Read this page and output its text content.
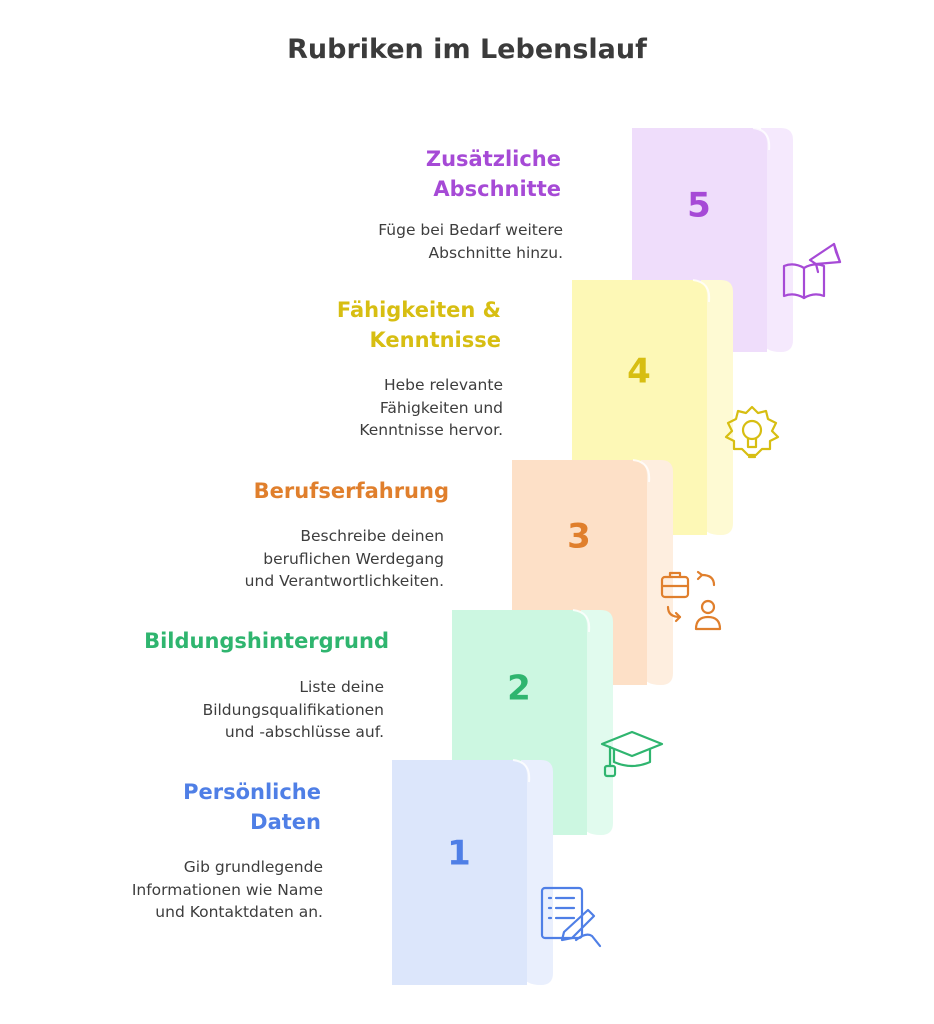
Rubriken im Lebenslauf
5
4
3
2
1
Zusätzliche
Abschnitte
Füge bei Bedarf weitere
Abschnitte hinzu.
Fähigkeiten &
Kenntnisse
Hebe relevante
Fähigkeiten und
Kenntnisse hervor.
Berufserfahrung
Beschreibe deinen
beruflichen Werdegang
und Verantwortlichkeiten.
Bildungshintergrund
Liste deine
Bildungsqualifikationen
und -abschlüsse auf.
Persönliche
Daten
Gib grundlegende
Informationen wie Name
und Kontaktdaten an.
